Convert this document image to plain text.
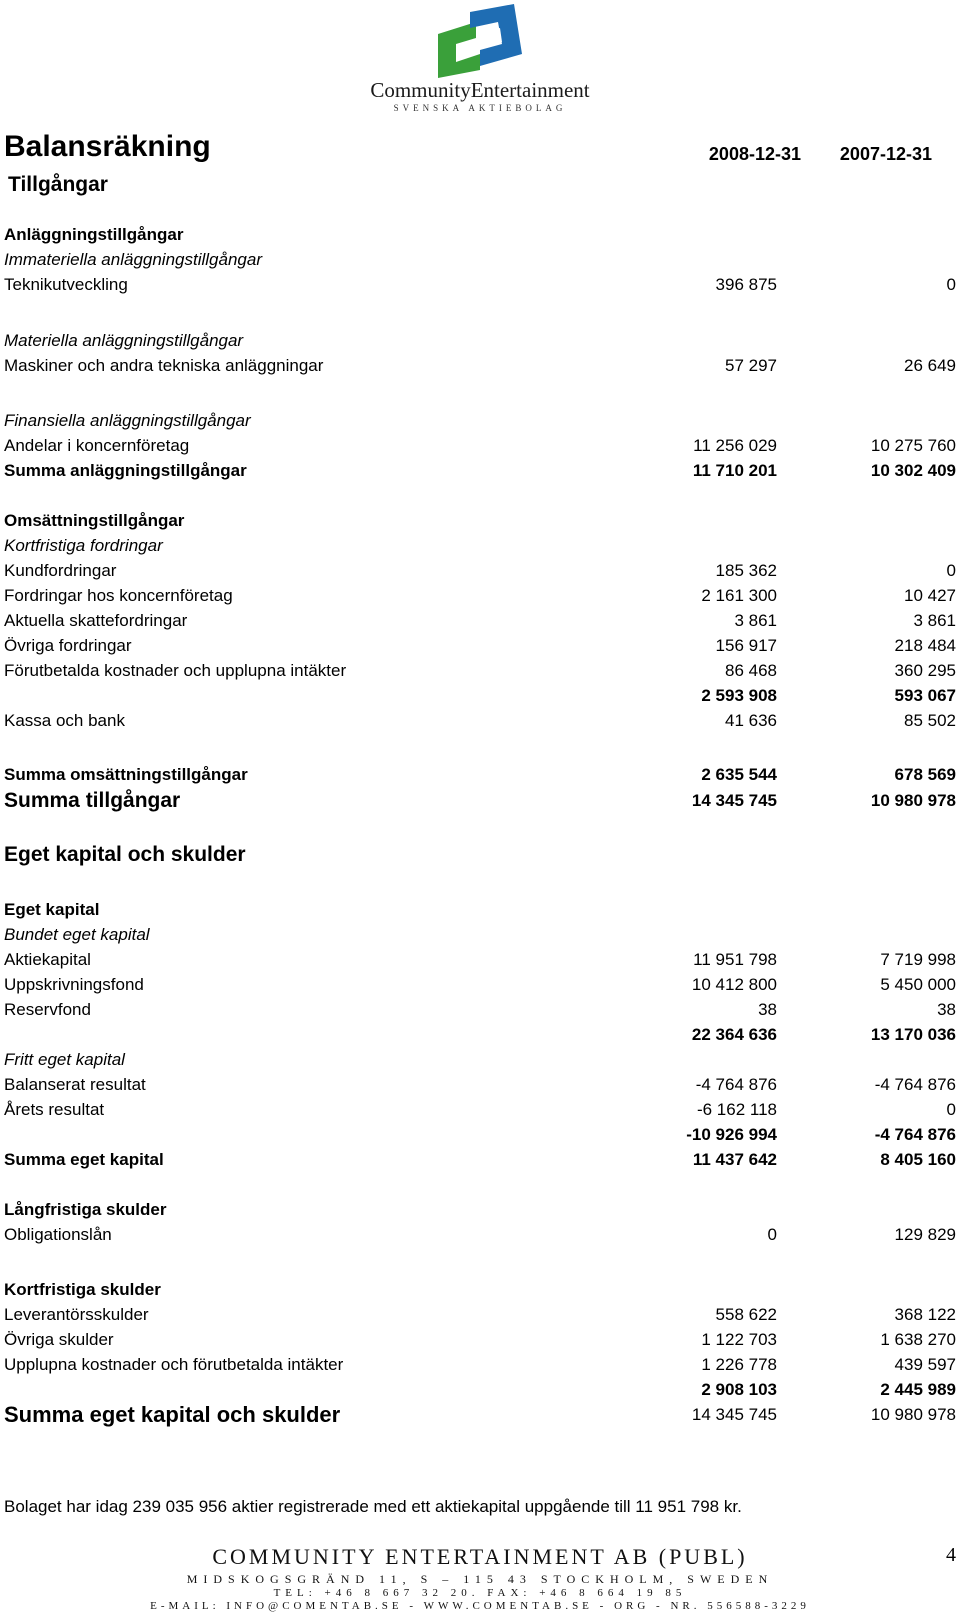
CommunityEntertainment
SVENSKA AKTIEBOLAG
Balansräkning	2008-12-31 2007-12-31
Tillgångar
Anläggningstillgångar
Immateriella anläggningstillgångar
Teknikutveckling	396 875	0
Materiella anläggningstillgångar
Maskiner och andra tekniska anläggningar	57 297	26 649
Finansiella anläggningstillgångar
Andelar i koncernföretag	11 256 029	10 275 760
Summa anläggningstillgångar	11 710 201	10 302 409
Omsättningstillgångar
Kortfristiga fordringar
Kundfordringar	185 362	0
Fordringar hos koncernföretag	2 161 300	10 427
Aktuella skattefordringar	3 861	3 861
Övriga fordringar	156 917	218 484
Förutbetalda kostnader och upplupna intäkter	86 468	360 295
2 593 908	593 067
Kassa och bank	41 636	85 502
Summa omsättningstillgångar	2 635 544	678 569
Summa tillgångar	14 345 745	10 980 978
Eget kapital och skulder
Eget kapital
Bundet eget kapital
Aktiekapital	11 951 798	7 719 998
Uppskrivningsfond	10 412 800	5 450 000
Reservfond	38	38
22 364 636	13 170 036
Fritt eget kapital
Balanserat resultat	-4 764 876	-4 764 876
Årets resultat	-6 162 118	0
-10 926 994	-4 764 876
Summa eget kapital	11 437 642	8 405 160
Långfristiga skulder
Obligationslån	0	129 829
Kortfristiga skulder
Leverantörsskulder	558 622	368 122
Övriga skulder	1 122 703	1 638 270
Upplupna kostnader och förutbetalda intäkter	1 226 778	439 597
2 908 103	2 445 989
Summa eget kapital och skulder	14 345 745	10 980 978
Bolaget har idag 239 035 956 aktier registrerade med ett aktiekapital uppgående till 11 951 798 kr.
COMMUNITY ENTERTAINMENT AB (PUBL)
MIDSKOGSGRÄND 11, S – 115 43 STOCKHOLM, SWEDEN
TEL: +46 8 667 32 20. FAX: +46 8 664 19 85
E-MAIL: INFO@COMENTAB.SE - WWW.COMENTAB.SE - ORG - NR. 556588-3229
4
